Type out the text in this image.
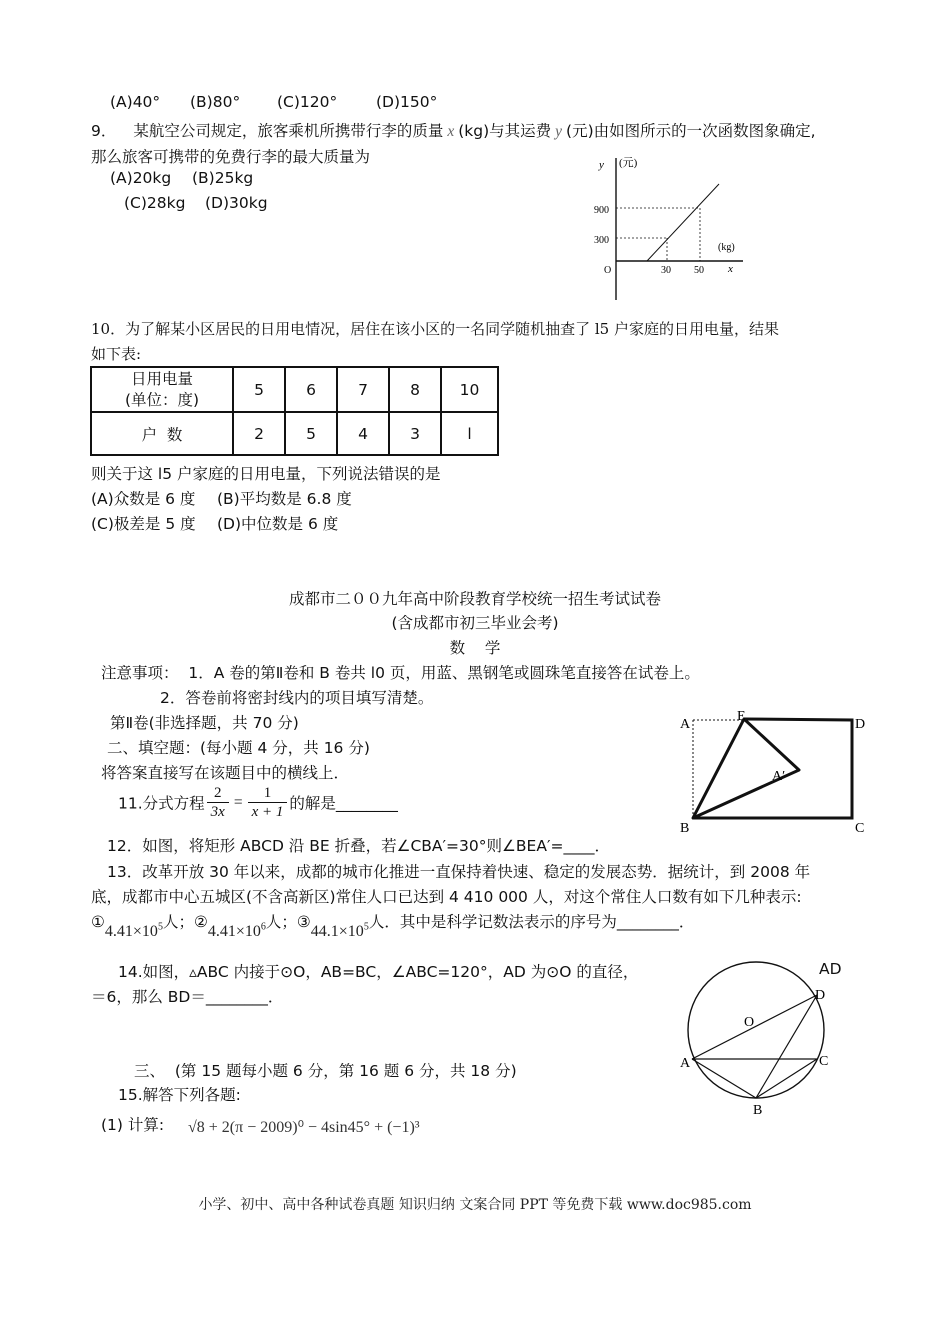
(A)40° (B)80° (C)120° (D)150°
9． 某航空公司规定，旅客乘机所携带行李的质量 x (kg)与其运费 y (元)由如图所示的一次函数图象确定,
那么旅客可携带的免费行李的最大质量为
(A)20kg (B)25kg
(C)28kg (D)30kg
y (元)
900
300
(kg)
O	30 50 x
10．为了解某小区居民的日用电情况，居住在该小区的一名同学随机抽查了 l5 户家庭的日用电量，结果
如下表:
日用电量
(单位：度)	5	6	7	8	10
户  数	2	5	4	3	l
则关于这 l5 户家庭的日用电量，下列说法错误的是
(A)众数是 6 度 (B)平均数是 6.8 度
(C)极差是 5 度 (D)中位数是 6 度
成都市二００九年高中阶段教育学校统一招生考试试卷
(含成都市初三毕业会考)
数    学
注意事项：  1．A 卷的第Ⅱ卷和 B 卷共 l0 页，用蓝、黑钢笔或圆珠笔直接答在试卷上。
2．答卷前将密封线内的项目填写清楚。
第Ⅱ卷(非选择题，共 70 分)
二、填空题：(每小题 4 分，共 16 分)
将答案直接写在该题目中的横线上．
11.分式方程 $\frac{2}{3x} = \frac{1}{x + 1}$ 的解是________
12．如图，将矩形 ABCD 沿 BE 折叠，若∠CBA′=30°则∠BEA′=____．
A
E
D
A′
B	C
13．改革开放 30 年以来，成都的城市化推进一直保持着快速、稳定的发展态势．据统计，到 2008 年
底，成都市中心五城区(不含高新区)常住人口已达到 4 410 000 人，对这个常住人口数有如下几种表示:
$①4.41\times 10^5$人；$②4.41\times 10^6$人；$③44.1\times 10^5$人．其中是科学记数法表示的序号为________．
14.如图，▵ABC 内接于⊙O，AB=BC，∠ABC=120°，AD 为⊙O 的直径，	AD
＝6，那么 BD＝________．
O
D
A	C
B
三、  (第 15 题每小题 6 分，第 16 题 6 分，共 18 分)
15.解答下列各题:
(1) 计算: √8 + 2(π − 2009)⁰ − 4sin45° + (−1)³
小学、初中、高中各种试卷真题 知识归纳 文案合同 PPT 等免费下载 www.doc985.com
